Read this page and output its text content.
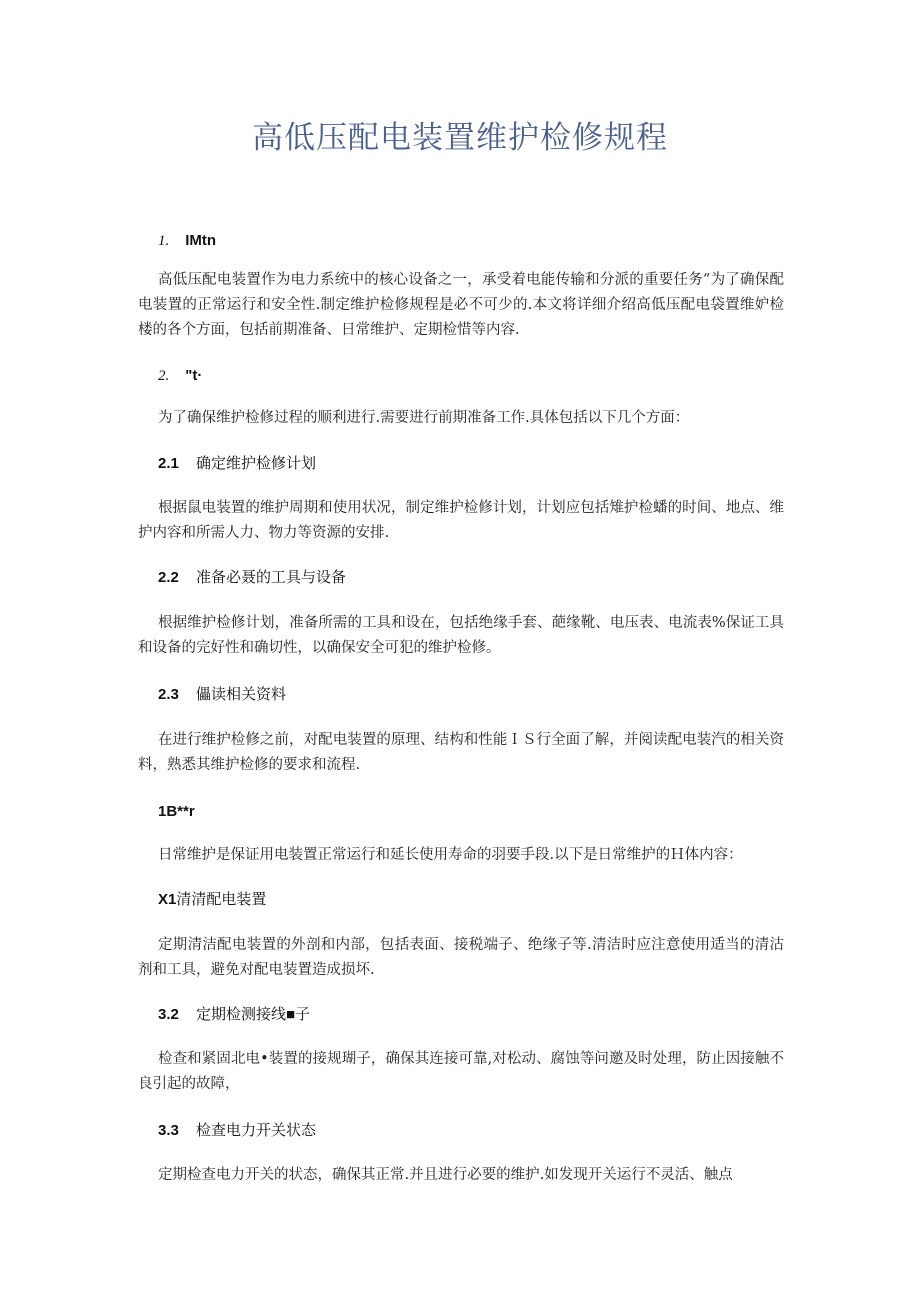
高低压配电装置维护检修规程

1. IMtn

高低压配电装置作为电力系统中的核心设备之一，承受着电能传输和分派的重要任务“为了确保配电装置的正常运行和安全性.制定维护检修规程是必不可少的.本文将详细介绍高低压配电袋置维妒检楼的各个方面，包括前期准备、日常维护、定期检惜等内容.

2. "t·

为了确保维护检修过程的顺利进行.需要进行前期准备工作.具体包括以下几个方面：

2.1 确定维护检修计划

根据鼠电装置的维护周期和使用状况，制定维护检修计划，计划应包括雉护检蟠的时间、地点、维护内容和所需人力、物力等资源的安排.

2.2 准备必聂的工具与设备

根据维护检修计划，准备所需的工具和设在，包括绝缘手套、葩缘靴、电压表、电流表%保证工具和设备的完好性和确切性，以确保安全可犯的维护检修。

2.3 儡读相关资料

在进行维护检修之前，对配电装置的原理、结构和性能ＩＳ行全面了解，并阅读配电装汽的相关资料，熟悉其维护检修的要求和流程.

1B**r

日常维护是保证用电装置正常运行和延长使用寿命的羽要手段.以下是日常维护的Ｈ体内容：

X1清清配电装置

定期清洁配电装置的外剖和内部，包括表面、接税端子、绝缘子等.清洁时应注意使用适当的清沽剂和工具，避免对配电装置造成损坏.

3.2 定期检测接线■子

检查和紧固北电•装置的接规瑚子，确保其连接可靠,对松动、腐蚀等问邀及时处理，防止因接触不良引起的故障，

3.3 检查电力开关状态

定期检查电力开关的状态，确保其正常.并且进行必要的维护.如发现开关运行不灵活、触点
